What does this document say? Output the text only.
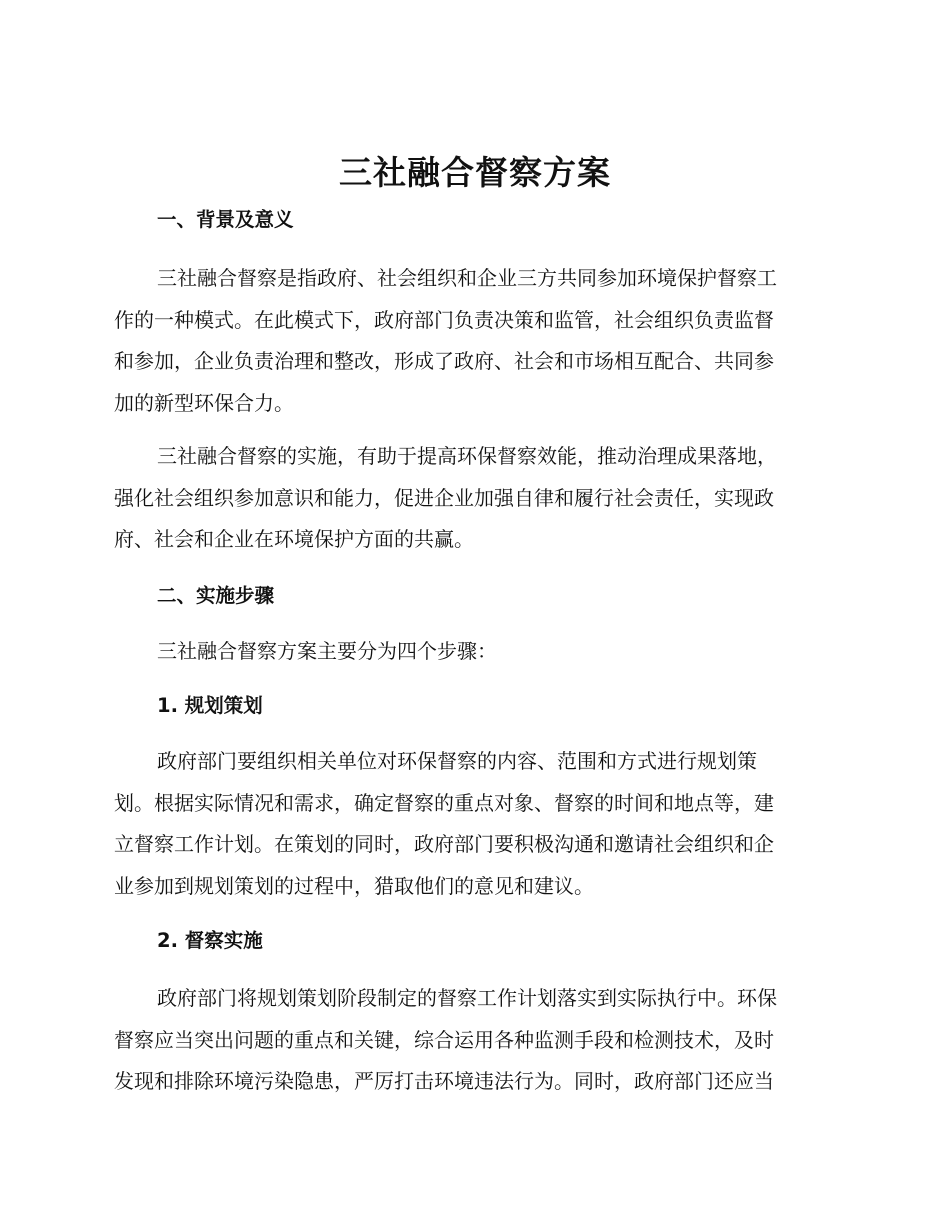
三社融合督察方案
一、背景及意义

三社融合督察是指政府、社会组织和企业三方共同参加环境保护督察工
作的一种模式。在此模式下，政府部门负责决策和监管，社会组织负责监督
和参加，企业负责治理和整改，形成了政府、社会和市场相互配合、共同参
加的新型环保合力。

三社融合督察的实施，有助于提高环保督察效能，推动治理成果落地，
强化社会组织参加意识和能力，促进企业加强自律和履行社会责任，实现政
府、社会和企业在环境保护方面的共赢。

二、实施步骤

三社融合督察方案主要分为四个步骤：

1. 规划策划

政府部门要组织相关单位对环保督察的内容、范围和方式进行规划策
划。根据实际情况和需求，确定督察的重点对象、督察的时间和地点等，建
立督察工作计划。在策划的同时，政府部门要积极沟通和邀请社会组织和企
业参加到规划策划的过程中，猎取他们的意见和建议。

2. 督察实施

政府部门将规划策划阶段制定的督察工作计划落实到实际执行中。环保
督察应当突出问题的重点和关键，综合运用各种监测手段和检测技术，及时
发现和排除环境污染隐患，严厉打击环境违法行为。同时，政府部门还应当
